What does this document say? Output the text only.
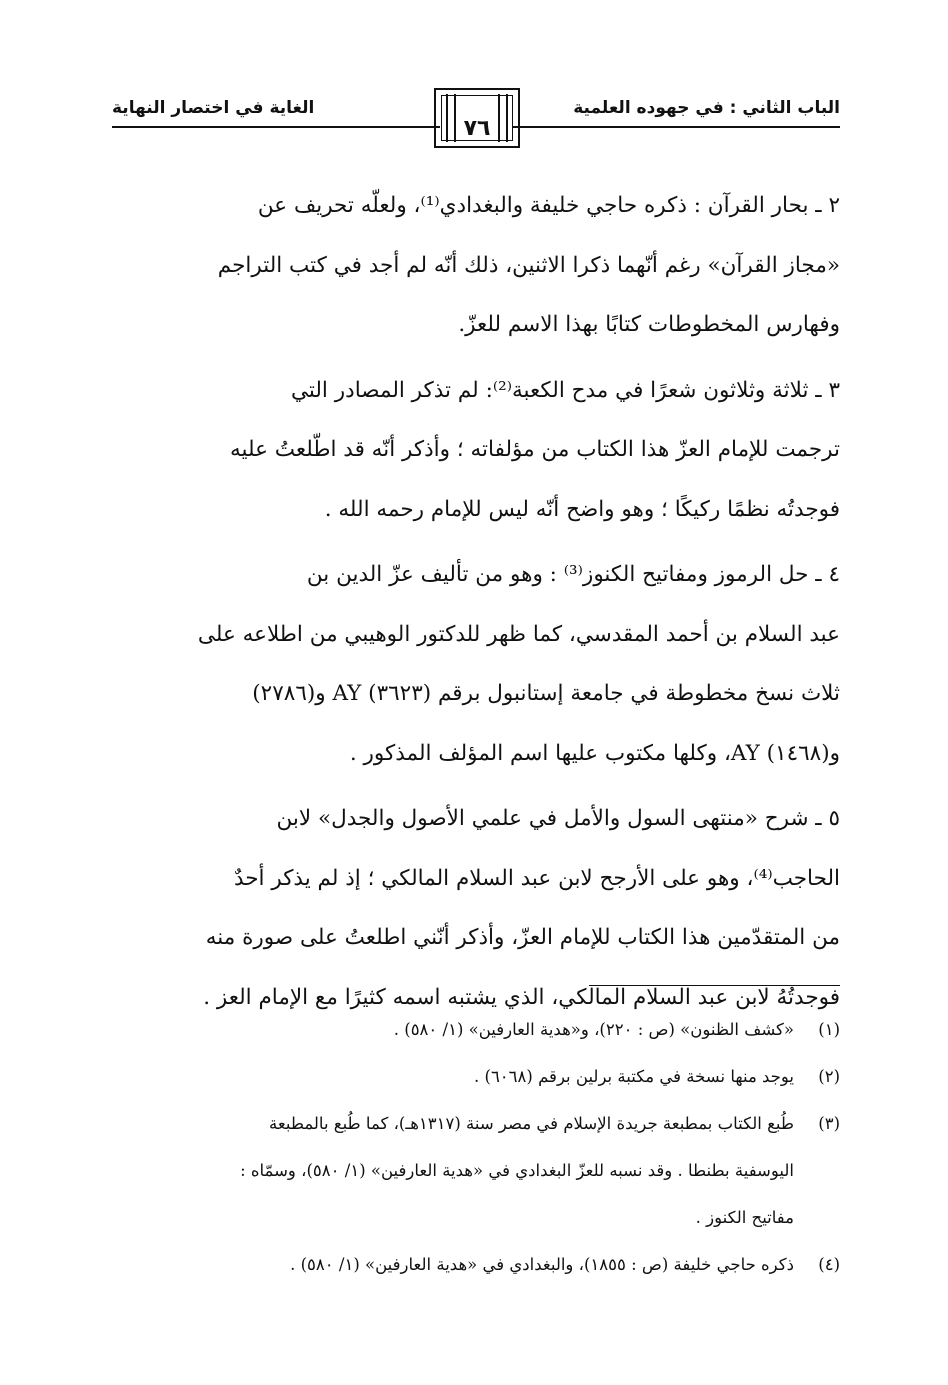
الباب الثاني : في جهوده العلمية
الغاية في اختصار النهاية
٧٦

٢ ـ بحار القرآن : ذكره حاجي خليفة والبغدادي⁽¹⁾، ولعلّه تحريف عن

«مجاز القرآن» رغم أنّهما ذكرا الاثنين، ذلك أنّه لم أجد في كتب التراجم

وفهارس المخطوطات كتابًا بهذا الاسم للعزّ.

٣ ـ ثلاثة وثلاثون شعرًا في مدح الكعبة⁽²⁾: لم تذكر المصادر التي

ترجمت للإمام العزّ هذا الكتاب من مؤلفاته ؛ وأذكر أنّه قد اطّلعتُ عليه

فوجدتُه نظمًا ركيكًا ؛ وهو واضح أنّه ليس للإمام رحمه الله .

٤ ـ حل الرموز ومفاتيح الكنوز⁽³⁾ : وهو من تأليف عزّ الدين بن

عبد السلام بن أحمد المقدسي، كما ظهر للدكتور الوهيبي من اطلاعه على

ثلاث نسخ مخطوطة في جامعة إستانبول برقم (٣٦٢٣) AY و(٢٧٨٦)

و(١٤٦٨) AY، وكلها مكتوب عليها اسم المؤلف المذكور .

٥ ـ شرح «منتهى السول والأمل في علمي الأصول والجدل» لابن

الحاجب⁽⁴⁾، وهو على الأرجح لابن عبد السلام المالكي ؛ إذ لم يذكر أحدٌ

من المتقدّمين هذا الكتاب للإمام العزّ، وأذكر أنّني اطلعتُ على صورة منه

فوجدتُهُ لابن عبد السلام المالكي، الذي يشتبه اسمه كثيرًا مع الإمام العز .

(١)
«كشف الظنون» (ص : ٢٢٠)، و«هدية العارفين» (١/ ٥٨٠) .
(٢)
يوجد منها نسخة في مكتبة برلين برقم (٦٠٦٨) .
(٣)
طُبع الكتاب بمطبعة جريدة الإسلام في مصر سنة (١٣١٧هـ)، كما طُبع بالمطبعة
اليوسفية بطنطا . وقد نسبه للعزّ البغدادي في «هدية العارفين» (١/ ٥٨٠)، وسمّاه :
مفاتيح الكنوز .
(٤)
ذكره حاجي خليفة (ص : ١٨٥٥)، والبغدادي في «هدية العارفين» (١/ ٥٨٠) .
